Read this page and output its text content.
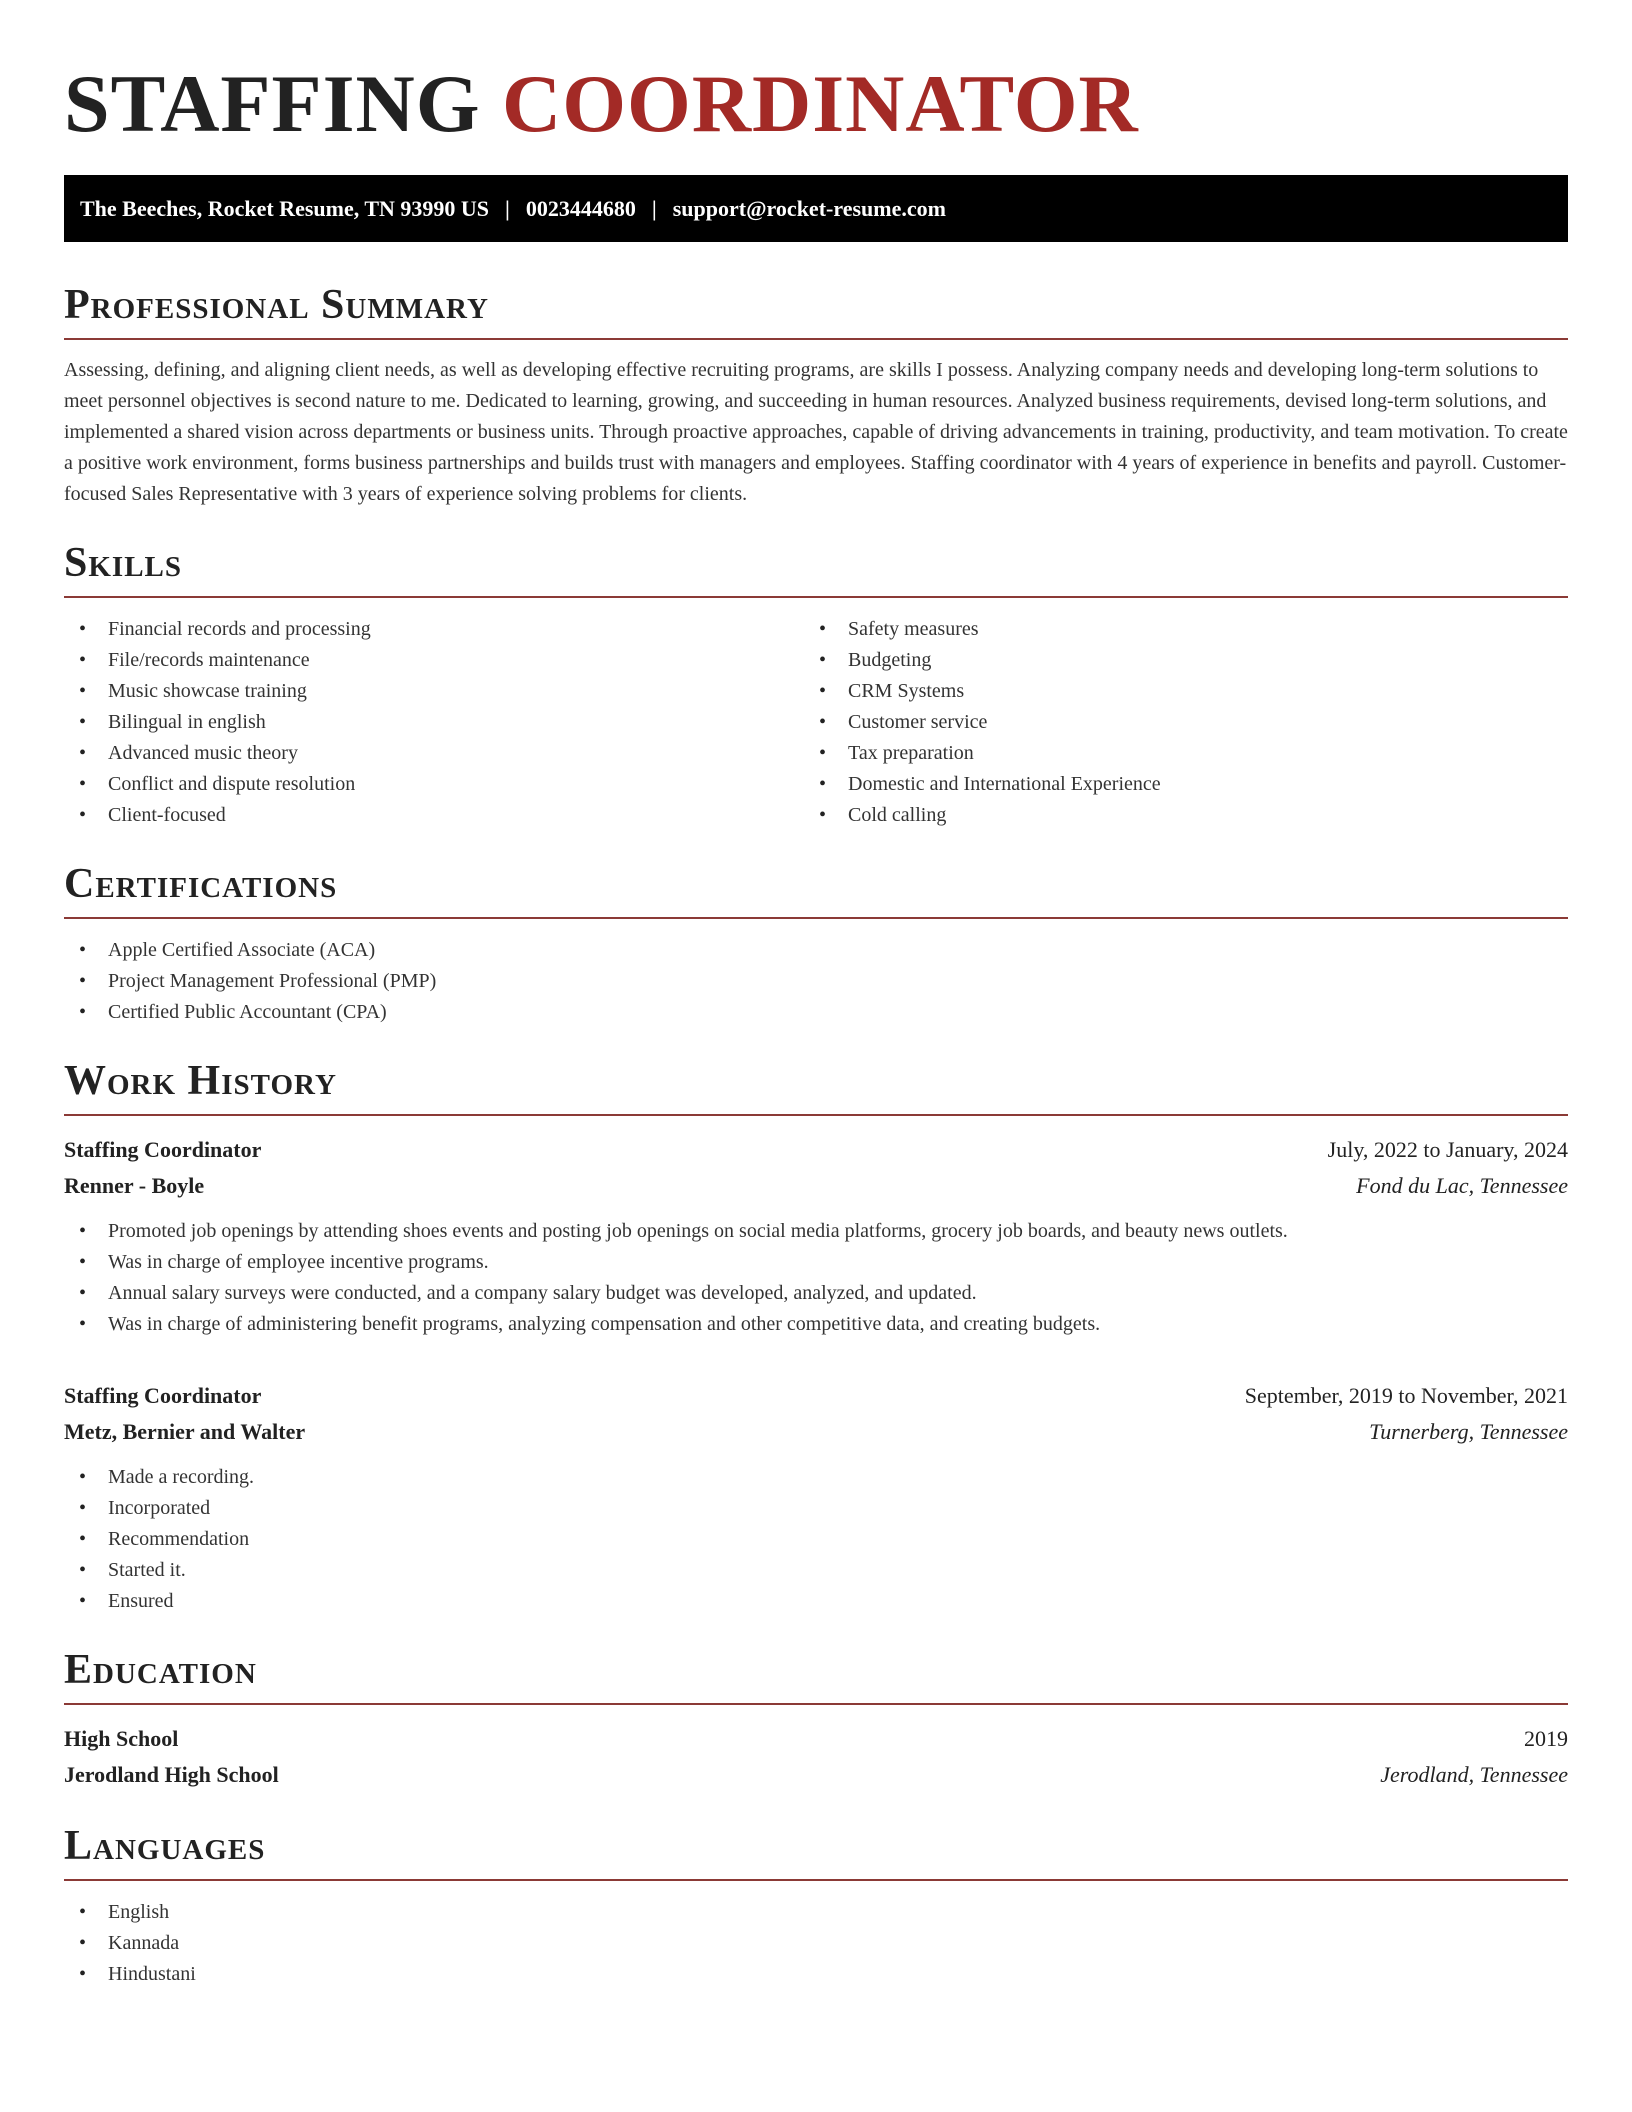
STAFFING COORDINATOR
The Beeches, Rocket Resume, TN 93990 US | 0023444680 | support@rocket-resume.com
Professional Summary

Assessing, defining, and aligning client needs, as well as developing effective recruiting programs, are skills I possess. Analyzing company needs and developing long-term solutions to meet personnel objectives is second nature to me. Dedicated to learning, growing, and succeeding in human resources. Analyzed business requirements, devised long-term solutions, and implemented a shared vision across departments or business units. Through proactive approaches, capable of driving advancements in training, productivity, and team motivation. To create a positive work environment, forms business partnerships and builds trust with managers and employees. Staffing coordinator with 4 years of experience in benefits and payroll. Customer-focused Sales Representative with 3 years of experience solving problems for clients.

Skills
• Financial records and processing
• File/records maintenance
• Music showcase training
• Bilingual in english
• Advanced music theory
• Conflict and dispute resolution
• Client-focused
• Safety measures
• Budgeting
• CRM Systems
• Customer service
• Tax preparation
• Domestic and International Experience
• Cold calling
Certifications
• Apple Certified Associate (ACA)
• Project Management Professional (PMP)
• Certified Public Accountant (CPA)
Work History
Staffing Coordinator	July, 2022 to January, 2024
Renner - Boyle	Fond du Lac, Tennessee
• Promoted job openings by attending shoes events and posting job openings on social media platforms, grocery job boards, and beauty news outlets.
• Was in charge of employee incentive programs.
• Annual salary surveys were conducted, and a company salary budget was developed, analyzed, and updated.
• Was in charge of administering benefit programs, analyzing compensation and other competitive data, and creating budgets.
Staffing Coordinator	September, 2019 to November, 2021
Metz, Bernier and Walter	Turnerberg, Tennessee
• Made a recording.
• Incorporated
• Recommendation
• Started it.
• Ensured
Education
High School	2019
Jerodland High School	Jerodland, Tennessee
Languages
• English
• Kannada
• Hindustani
